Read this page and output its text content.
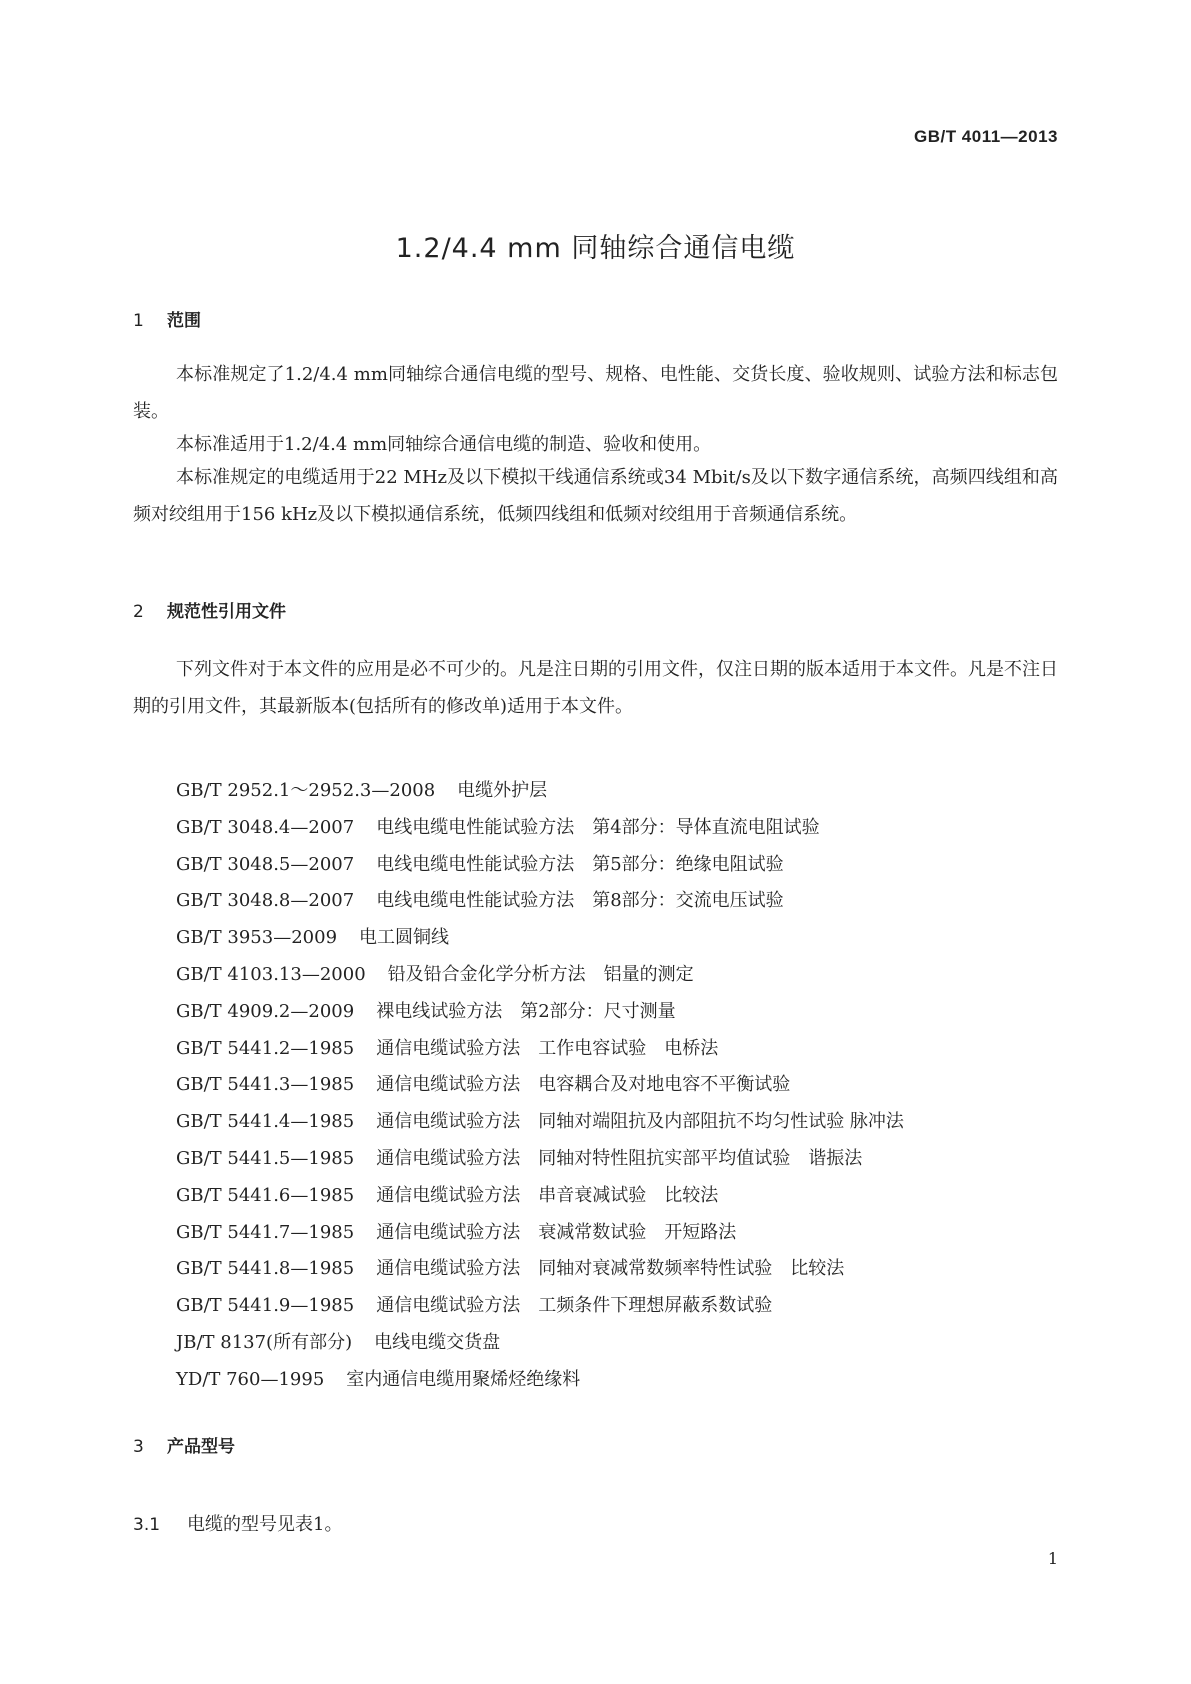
GB/T 4011—2013
1.2/4.4 mm 同轴综合通信电缆
1 范围
本标准规定了1.2/4.4 mm同轴综合通信电缆的型号、规格、电性能、交货长度、验收规则、试验方法和标志包装。
本标准适用于1.2/4.4 mm同轴综合通信电缆的制造、验收和使用。
本标准规定的电缆适用于22 MHz及以下模拟干线通信系统或34 Mbit/s及以下数字通信系统，高频四线组和高频对绞组用于156 kHz及以下模拟通信系统，低频四线组和低频对绞组用于音频通信系统。
2 规范性引用文件
下列文件对于本文件的应用是必不可少的。凡是注日期的引用文件，仅注日期的版本适用于本文件。凡是不注日期的引用文件，其最新版本(包括所有的修改单)适用于本文件。
GB/T 2952.1～2952.3—2008 电缆外护层
GB/T 3048.4—2007 电线电缆电性能试验方法　第4部分：导体直流电阻试验
GB/T 3048.5—2007 电线电缆电性能试验方法　第5部分：绝缘电阻试验
GB/T 3048.8—2007 电线电缆电性能试验方法　第8部分：交流电压试验
GB/T 3953—2009 电工圆铜线
GB/T 4103.13—2000 铅及铅合金化学分析方法　铝量的测定
GB/T 4909.2—2009 裸电线试验方法　第2部分：尺寸测量
GB/T 5441.2—1985 通信电缆试验方法　工作电容试验　电桥法
GB/T 5441.3—1985 通信电缆试验方法　电容耦合及对地电容不平衡试验
GB/T 5441.4—1985 通信电缆试验方法　同轴对端阻抗及内部阻抗不均匀性试验 脉冲法
GB/T 5441.5—1985 通信电缆试验方法　同轴对特性阻抗实部平均值试验　谐振法
GB/T 5441.6—1985 通信电缆试验方法　串音衰减试验　比较法
GB/T 5441.7—1985 通信电缆试验方法　衰减常数试验　开短路法
GB/T 5441.8—1985 通信电缆试验方法　同轴对衰减常数频率特性试验　比较法
GB/T 5441.9—1985 通信电缆试验方法　工频条件下理想屏蔽系数试验
JB/T 8137(所有部分) 电线电缆交货盘
YD/T 760—1995 室内通信电缆用聚烯烃绝缘料
3 产品型号
3.1 电缆的型号见表1。
1
